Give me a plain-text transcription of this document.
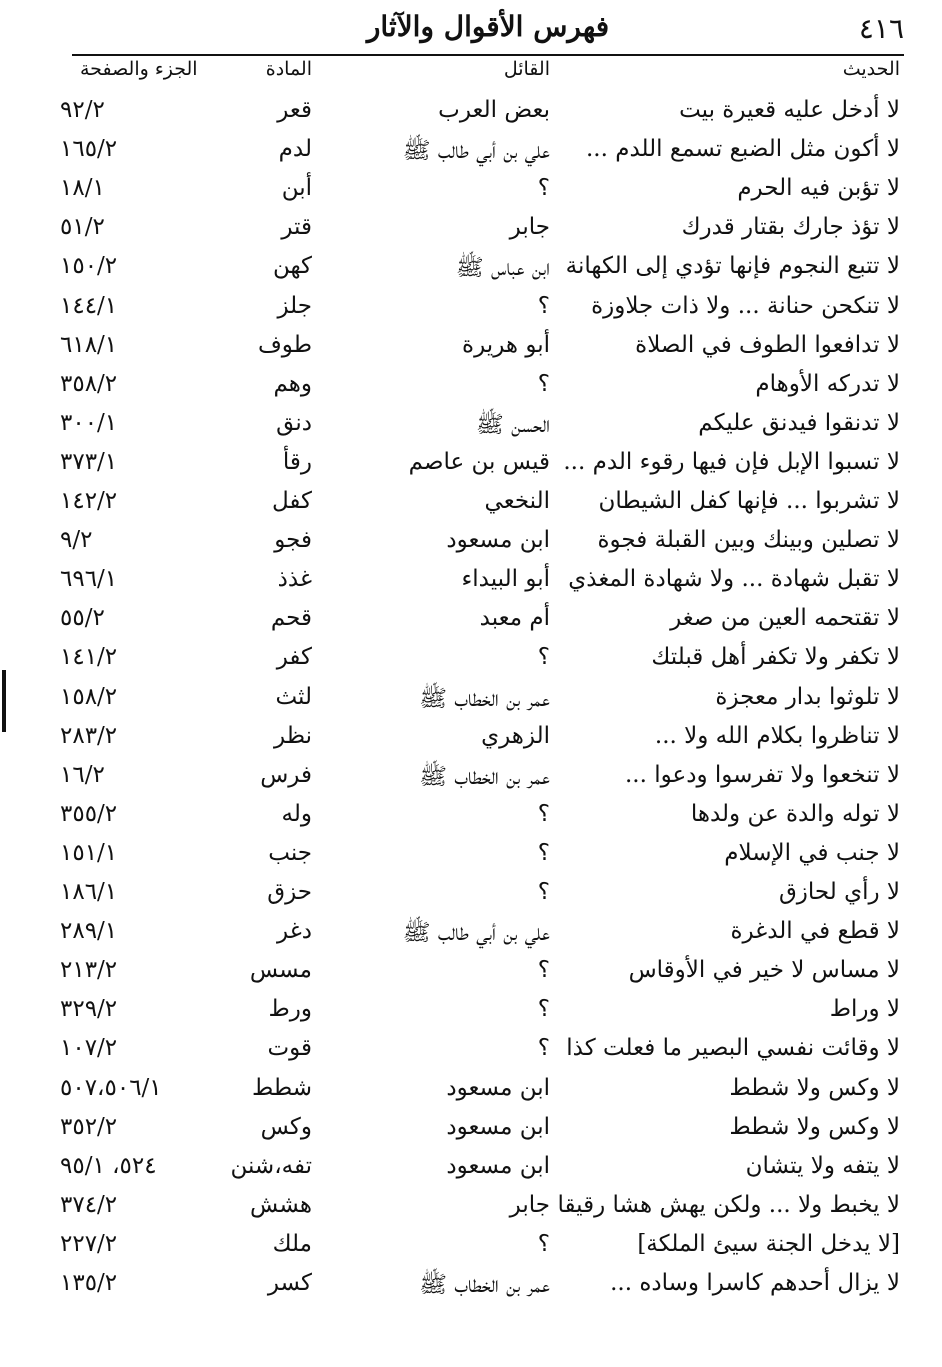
٤١٦
فهرس الأقوال والآثار
الحديث
القائل
المادة
الجزء والصفحة
لا أدخل عليه قعيرة بيت
بعض العرب
قعر
٩٢/٢
لا أكون مثل الضبع تسمع اللدم ...
علي بن أبي طالب ﷺ
لدم
١٦٥/٢
لا تؤبن فيه الحرم
؟
أبن
١٨/١
لا تؤذ جارك بقتار قدرك
جابر
قتر
٥١/٢
لا تتبع النجوم فإنها تؤدي إلى الكهانة
ابن عباس ﷺ
كهن
١٥٠/٢
لا تنكحن حنانة ... ولا ذات جلاوزة
؟
جلز
١٤٤/١
لا تدافعوا الطوف في الصلاة
أبو هريرة
طوف
٦١٨/١
لا تدركه الأوهام
؟
وهم
٣٥٨/٢
لا تدنقوا فيدنق عليكم
الحسن ﷺ
دنق
٣٠٠/١
لا تسبوا الإبل فإن فيها رقوء الدم ...
قيس بن عاصم
رقأ
٣٧٣/١
لا تشربوا ... فإنها كفل الشيطان
النخعي
كفل
١٤٢/٢
لا تصلين وبينك وبين القبلة فجوة
ابن مسعود
فجو
٩/٢
لا تقبل شهادة ... ولا شهادة المغذي
أبو البيداء
غذذ
٦٩٦/١
لا تقتحمه العين من صغر
أم معبد
قحم
٥٥/٢
لا تكفر ولا تكفر أهل قبلتك
؟
كفر
١٤١/٢
لا تلوثوا بدار معجزة
عمر بن الخطاب ﷺ
لثث
١٥٨/٢
لا تناظروا بكلام الله ولا ...
الزهري
نظر
٢٨٣/٢
لا تنخعوا ولا تفرسوا ودعوا ...
عمر بن الخطاب ﷺ
فرس
١٦/٢
لا توله والدة عن ولدها
؟
وله
٣٥٥/٢
لا جنب في الإسلام
؟
جنب
١٥١/١
لا رأي لحازق
؟
حزق
١٨٦/١
لا قطع في الدغرة
علي بن أبي طالب ﷺ
دغر
٢٨٩/١
لا مساس لا خير في الأوقاس
؟
مسس
٢١٣/٢
لا وراط
؟
ورط
٣٢٩/٢
لا وقائت نفسي البصير ما فعلت كذا
؟
قوت
١٠٧/٢
لا وكس ولا شطط
ابن مسعود
شطط
٥٠٧،٥٠٦/١
لا وكس ولا شطط
ابن مسعود
وكس
٣٥٢/٢
لا يتفه ولا يتشان
ابن مسعود
تفه،شنن
٥٢٤، ٩٥/١
لا يخبط ولا ... ولكن يهش هشا رقيقا
جابر
هشش
٣٧٤/٢
[لا يدخل الجنة سيئ الملكة]
؟
ملك
٢٢٧/٢
لا يزال أحدهم كاسرا وساده ...
عمر بن الخطاب ﷺ
كسر
١٣٥/٢
